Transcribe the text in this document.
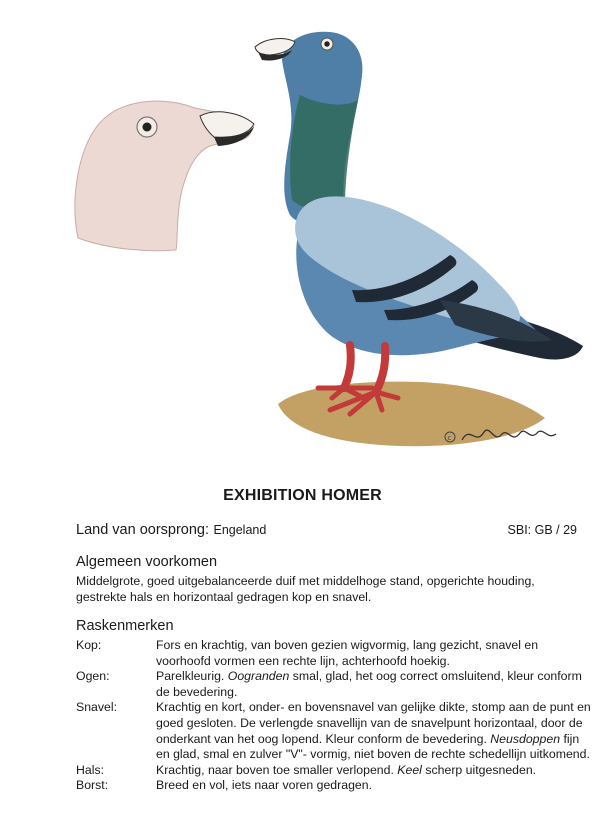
c
EXHIBITION HOMER
Land van oorsprong: Engeland	SBI: GB / 29
Algemeen voorkomen
Middelgrote, goed uitgebalanceerde duif met middelhoge stand, opgerichte houding, gestrekte hals en horizontaal gedragen kop en snavel.
Raskenmerken
Kop:	Fors en krachtig, van boven gezien wigvormig, lang gezicht, snavel en voorhoofd vormen een rechte lijn, achterhoofd hoekig.
Ogen:	Parelkleurig. Oogranden smal, glad, het oog correct omsluitend, kleur conform de bevedering.
Snavel:	Krachtig en kort, onder- en bovensnavel van gelijke dikte, stomp aan de punt en goed gesloten. De verlengde snavellijn van de snavelpunt horizontaal, door de onderkant van het oog lopend. Kleur conform de bevedering. Neusdoppen fijn en glad, smal en zulver "V"- vormig, niet boven de rechte schedellijn uitkomend.
Hals:	Krachtig, naar boven toe smaller verlopend. Keel scherp uitgesneden.
Borst:	Breed en vol, iets naar voren gedragen.
